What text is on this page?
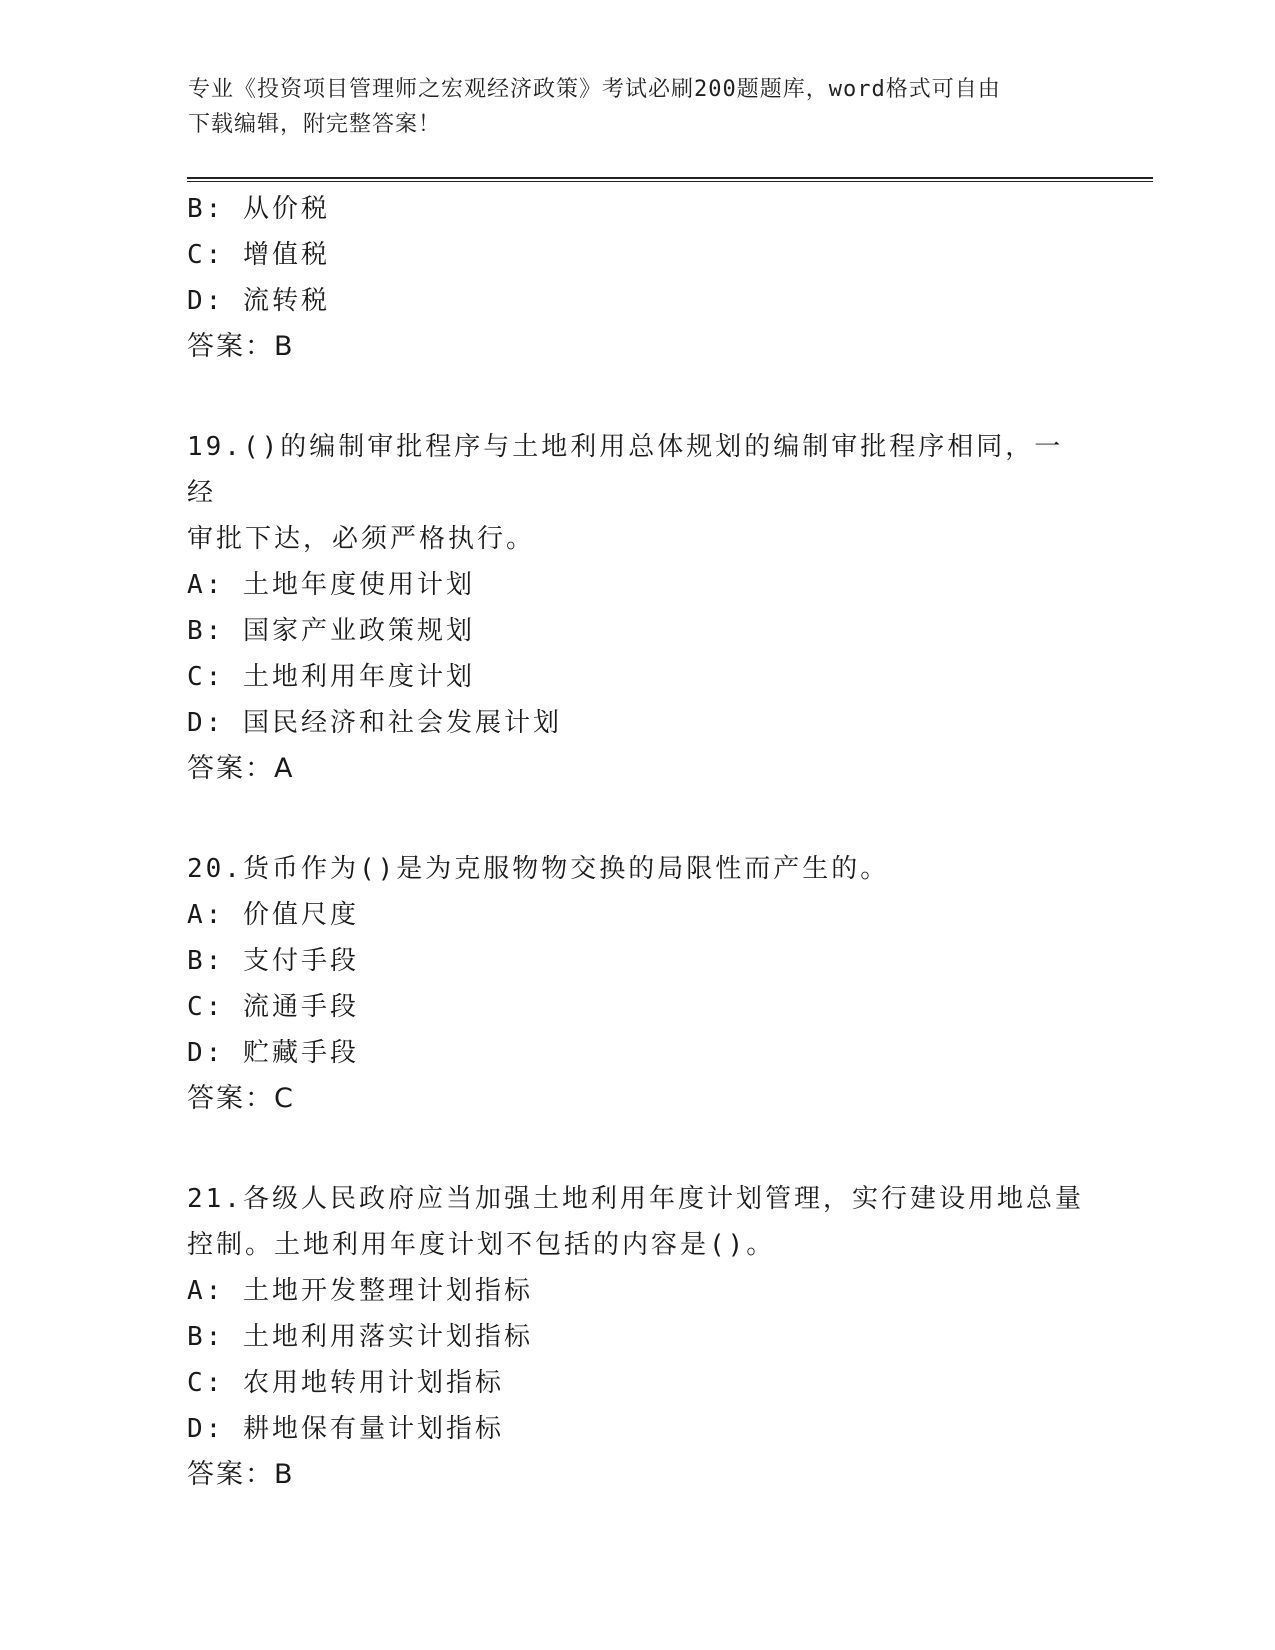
专业《投资项目管理师之宏观经济政策》考试必刷200题题库，word格式可自由
下载编辑，附完整答案！
B: 从价税
C: 增值税
D: 流转税
答案：B
19.()的编制审批程序与土地利用总体规划的编制审批程序相同，一经
审批下达，必须严格执行。
A: 土地年度使用计划
B: 国家产业政策规划
C: 土地利用年度计划
D: 国民经济和社会发展计划
答案：A
20.货币作为()是为克服物物交换的局限性而产生的。
A: 价值尺度
B: 支付手段
C: 流通手段
D: 贮藏手段
答案：C
21.各级人民政府应当加强土地利用年度计划管理，实行建设用地总量
控制。土地利用年度计划不包括的内容是()。
A: 土地开发整理计划指标
B: 土地利用落实计划指标
C: 农用地转用计划指标
D: 耕地保有量计划指标
答案：B
